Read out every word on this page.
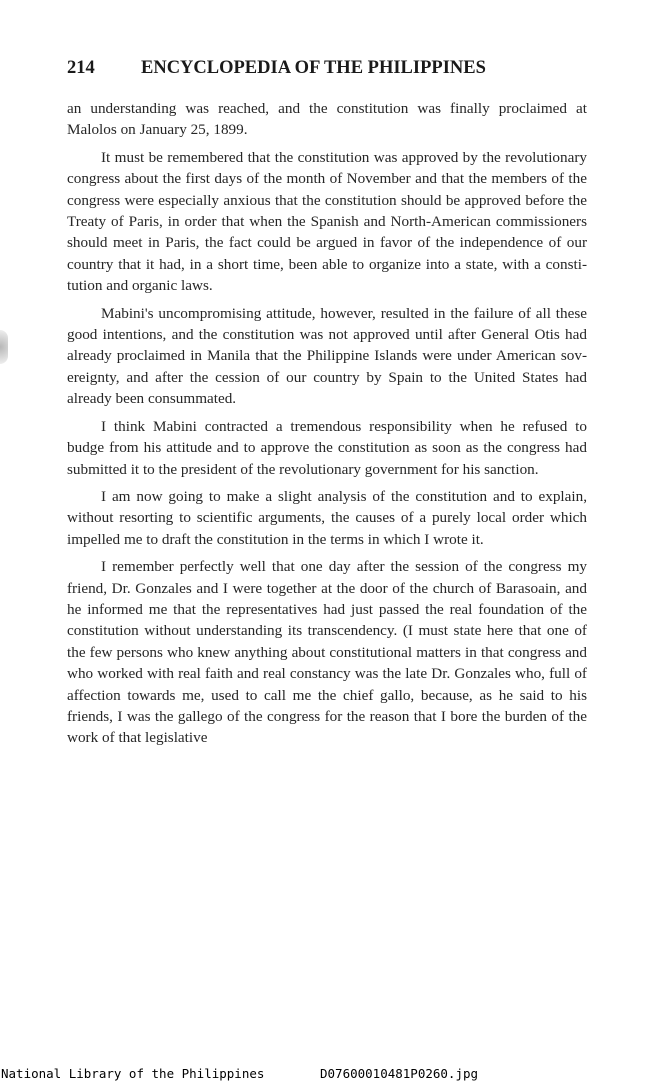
214	ENCYCLOPEDIA OF THE PHILIPPINES

an understanding was reached, and the constitution was finally proclaimed at Malolos on January 25, 1899.

It must be remembered that the constitution was approved by the revolutionary congress about the first days of the month of November and that the members of the congress were especially anxious that the constitution should be approved before the Treaty of Paris, in order that when the Spanish and North-American commissioners should meet in Paris, the fact could be argued in favor of the independence of our country that it had, in a short time, been able to organize into a state, with a constitution and organic laws.

Mabini's uncompromising attitude, however, resulted in the failure of all these good intentions, and the constitution was not approved until after General Otis had already proclaimed in Manila that the Philippine Islands were under American sovereignty, and after the cession of our country by Spain to the United States had already been consummated.

I think Mabini contracted a tremendous responsibility when he refused to budge from his attitude and to approve the constitution as soon as the congress had submitted it to the president of the revolutionary government for his sanction.

I am now going to make a slight analysis of the constitution and to explain, without resorting to scientific arguments, the causes of a purely local order which impelled me to draft the constitution in the terms in which I wrote it.

I remember perfectly well that one day after the session of the congress my friend, Dr. Gonzales and I were together at the door of the church of Barasoain, and he informed me that the representatives had just passed the real foundation of the constitution without understanding its transcendency. (I must state here that one of the few persons who knew anything about constitutional matters in that congress and who worked with real faith and real constancy was the late Dr. Gonzales who, full of affection towards me, used to call me the chief gallo, because, as he said to his friends, I was the gallego of the congress for the reason that I bore the burden of the work of that legislative

National Library of the Philippines	D07600010481P0260.jpg
